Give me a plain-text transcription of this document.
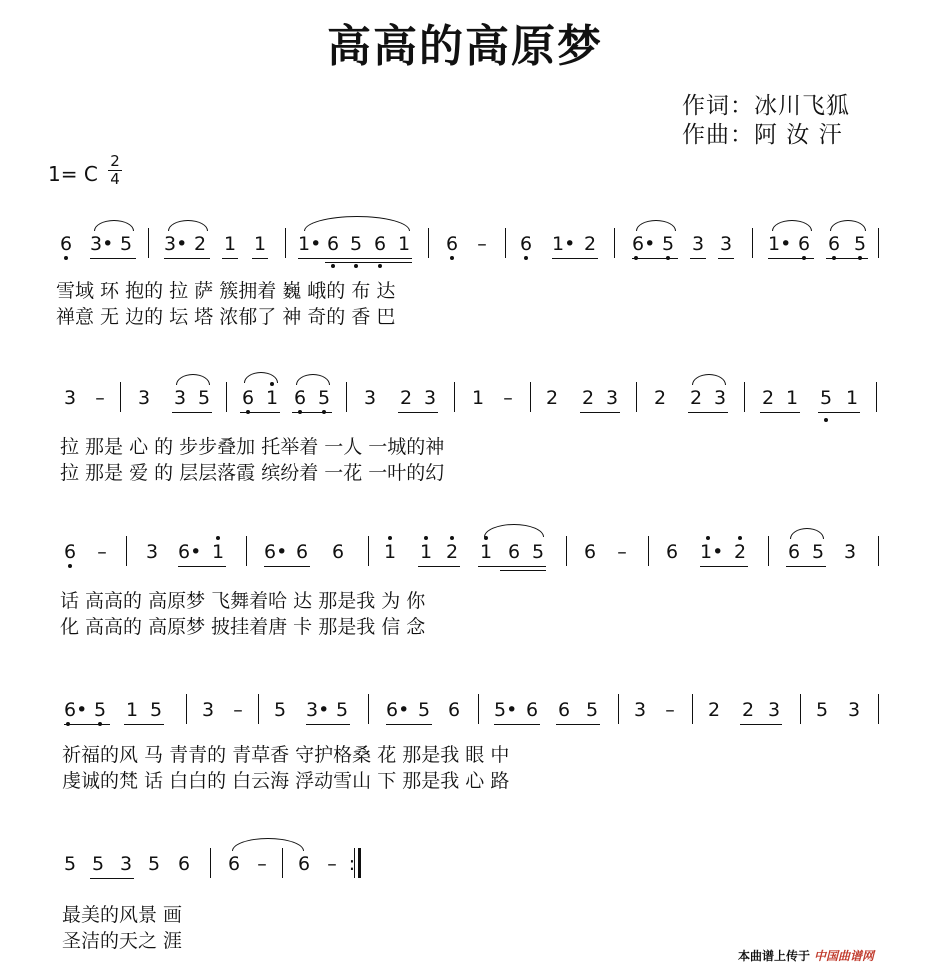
高高的高原梦
作词：冰川飞狐
作曲：阿 汝 汗
1= C
2
4
6 3• 5 3• 2 1 1 1• 6 5 6 1 6 – 6 1• 2 6• 5 3 3 1• 6 6 5
雪域 环 抱的 拉 萨 簇拥着 巍 峨的 布 达
禅意 无 边的 坛 塔 浓郁了 神 奇的 香 巴
3 – 3 3 5 6 1 6 5 3 2 3 1 – 2 2 3 2 2 3 2 1 5 1
拉 那是 心 的 步步叠加 托举着 一人 一城的神
拉 那是 爱 的 层层落霞 缤纷着 一花 一叶的幻
6 – 3 6• 1 6• 6 6 1 1 2 1 6 5 6 – 6 1• 2 6 5 3
话 高高的 高原梦 飞舞着哈 达 那是我 为 你
化 高高的 高原梦 披挂着唐 卡 那是我 信 念
6• 5 1 5 3 – 5 3• 5 6• 5 6 5• 6 6 5 3 – 2 2 3 5 3
祈福的风 马 青青的 青草香 守护格桑 花 那是我 眼 中
虔诚的梵 话 白白的 白云海 浮动雪山 下 那是我 心 路
5 5 3 5 6 6 – 6 – :
最美的风景 画
圣洁的天之 涯
本曲谱上传于 中国曲谱网
